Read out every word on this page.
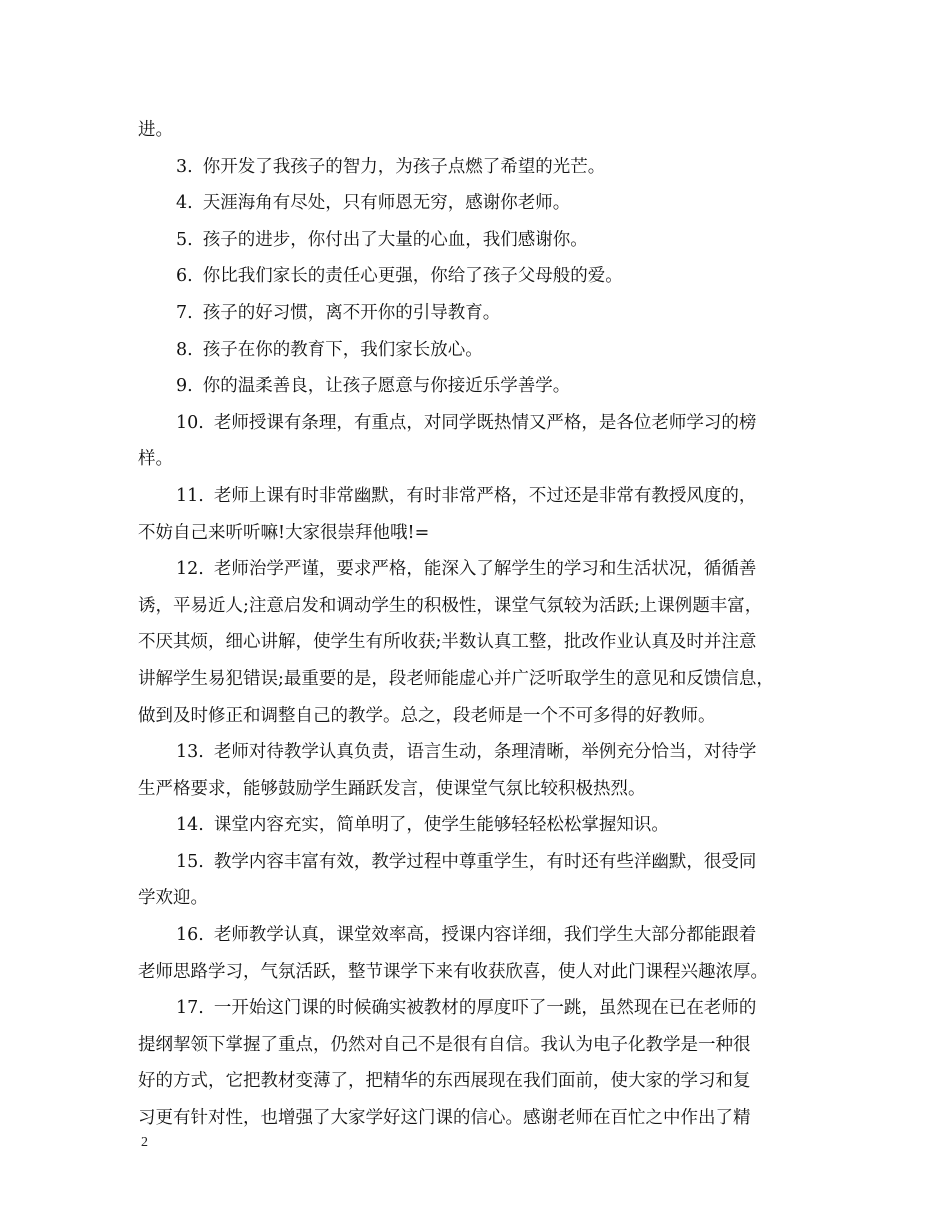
进。
3. 你开发了我孩子的智力，为孩子点燃了希望的光芒。
4. 天涯海角有尽处，只有师恩无穷，感谢你老师。
5. 孩子的进步，你付出了大量的心血，我们感谢你。
6. 你比我们家长的责任心更强，你给了孩子父母般的爱。
7. 孩子的好习惯，离不开你的引导教育。
8. 孩子在你的教育下，我们家长放心。
9. 你的温柔善良，让孩子愿意与你接近乐学善学。
10. 老师授课有条理，有重点，对同学既热情又严格，是各位老师学习的榜
样。
11. 老师上课有时非常幽默，有时非常严格，不过还是非常有教授风度的，
不妨自己来听听嘛!大家很崇拜他哦!=
12. 老师治学严谨，要求严格，能深入了解学生的学习和生活状况，循循善
诱，平易近人;注意启发和调动学生的积极性，课堂气氛较为活跃;上课例题丰富，
不厌其烦，细心讲解，使学生有所收获;半数认真工整，批改作业认真及时并注意
讲解学生易犯错误;最重要的是，段老师能虚心并广泛听取学生的意见和反馈信息，
做到及时修正和调整自己的教学。总之，段老师是一个不可多得的好教师。
13. 老师对待教学认真负责，语言生动，条理清晰，举例充分恰当，对待学
生严格要求，能够鼓励学生踊跃发言，使课堂气氛比较积极热烈。
14. 课堂内容充实，简单明了，使学生能够轻轻松松掌握知识。
15. 教学内容丰富有效，教学过程中尊重学生，有时还有些洋幽默，很受同
学欢迎。
16. 老师教学认真，课堂效率高，授课内容详细，我们学生大部分都能跟着
老师思路学习，气氛活跃，整节课学下来有收获欣喜，使人对此门课程兴趣浓厚。
17. 一开始这门课的时候确实被教材的厚度吓了一跳，虽然现在已在老师的
提纲挈领下掌握了重点，仍然对自己不是很有自信。我认为电子化教学是一种很
好的方式，它把教材变薄了，把精华的东西展现在我们面前，使大家的学习和复
习更有针对性，也增强了大家学好这门课的信心。感谢老师在百忙之中作出了精
2
